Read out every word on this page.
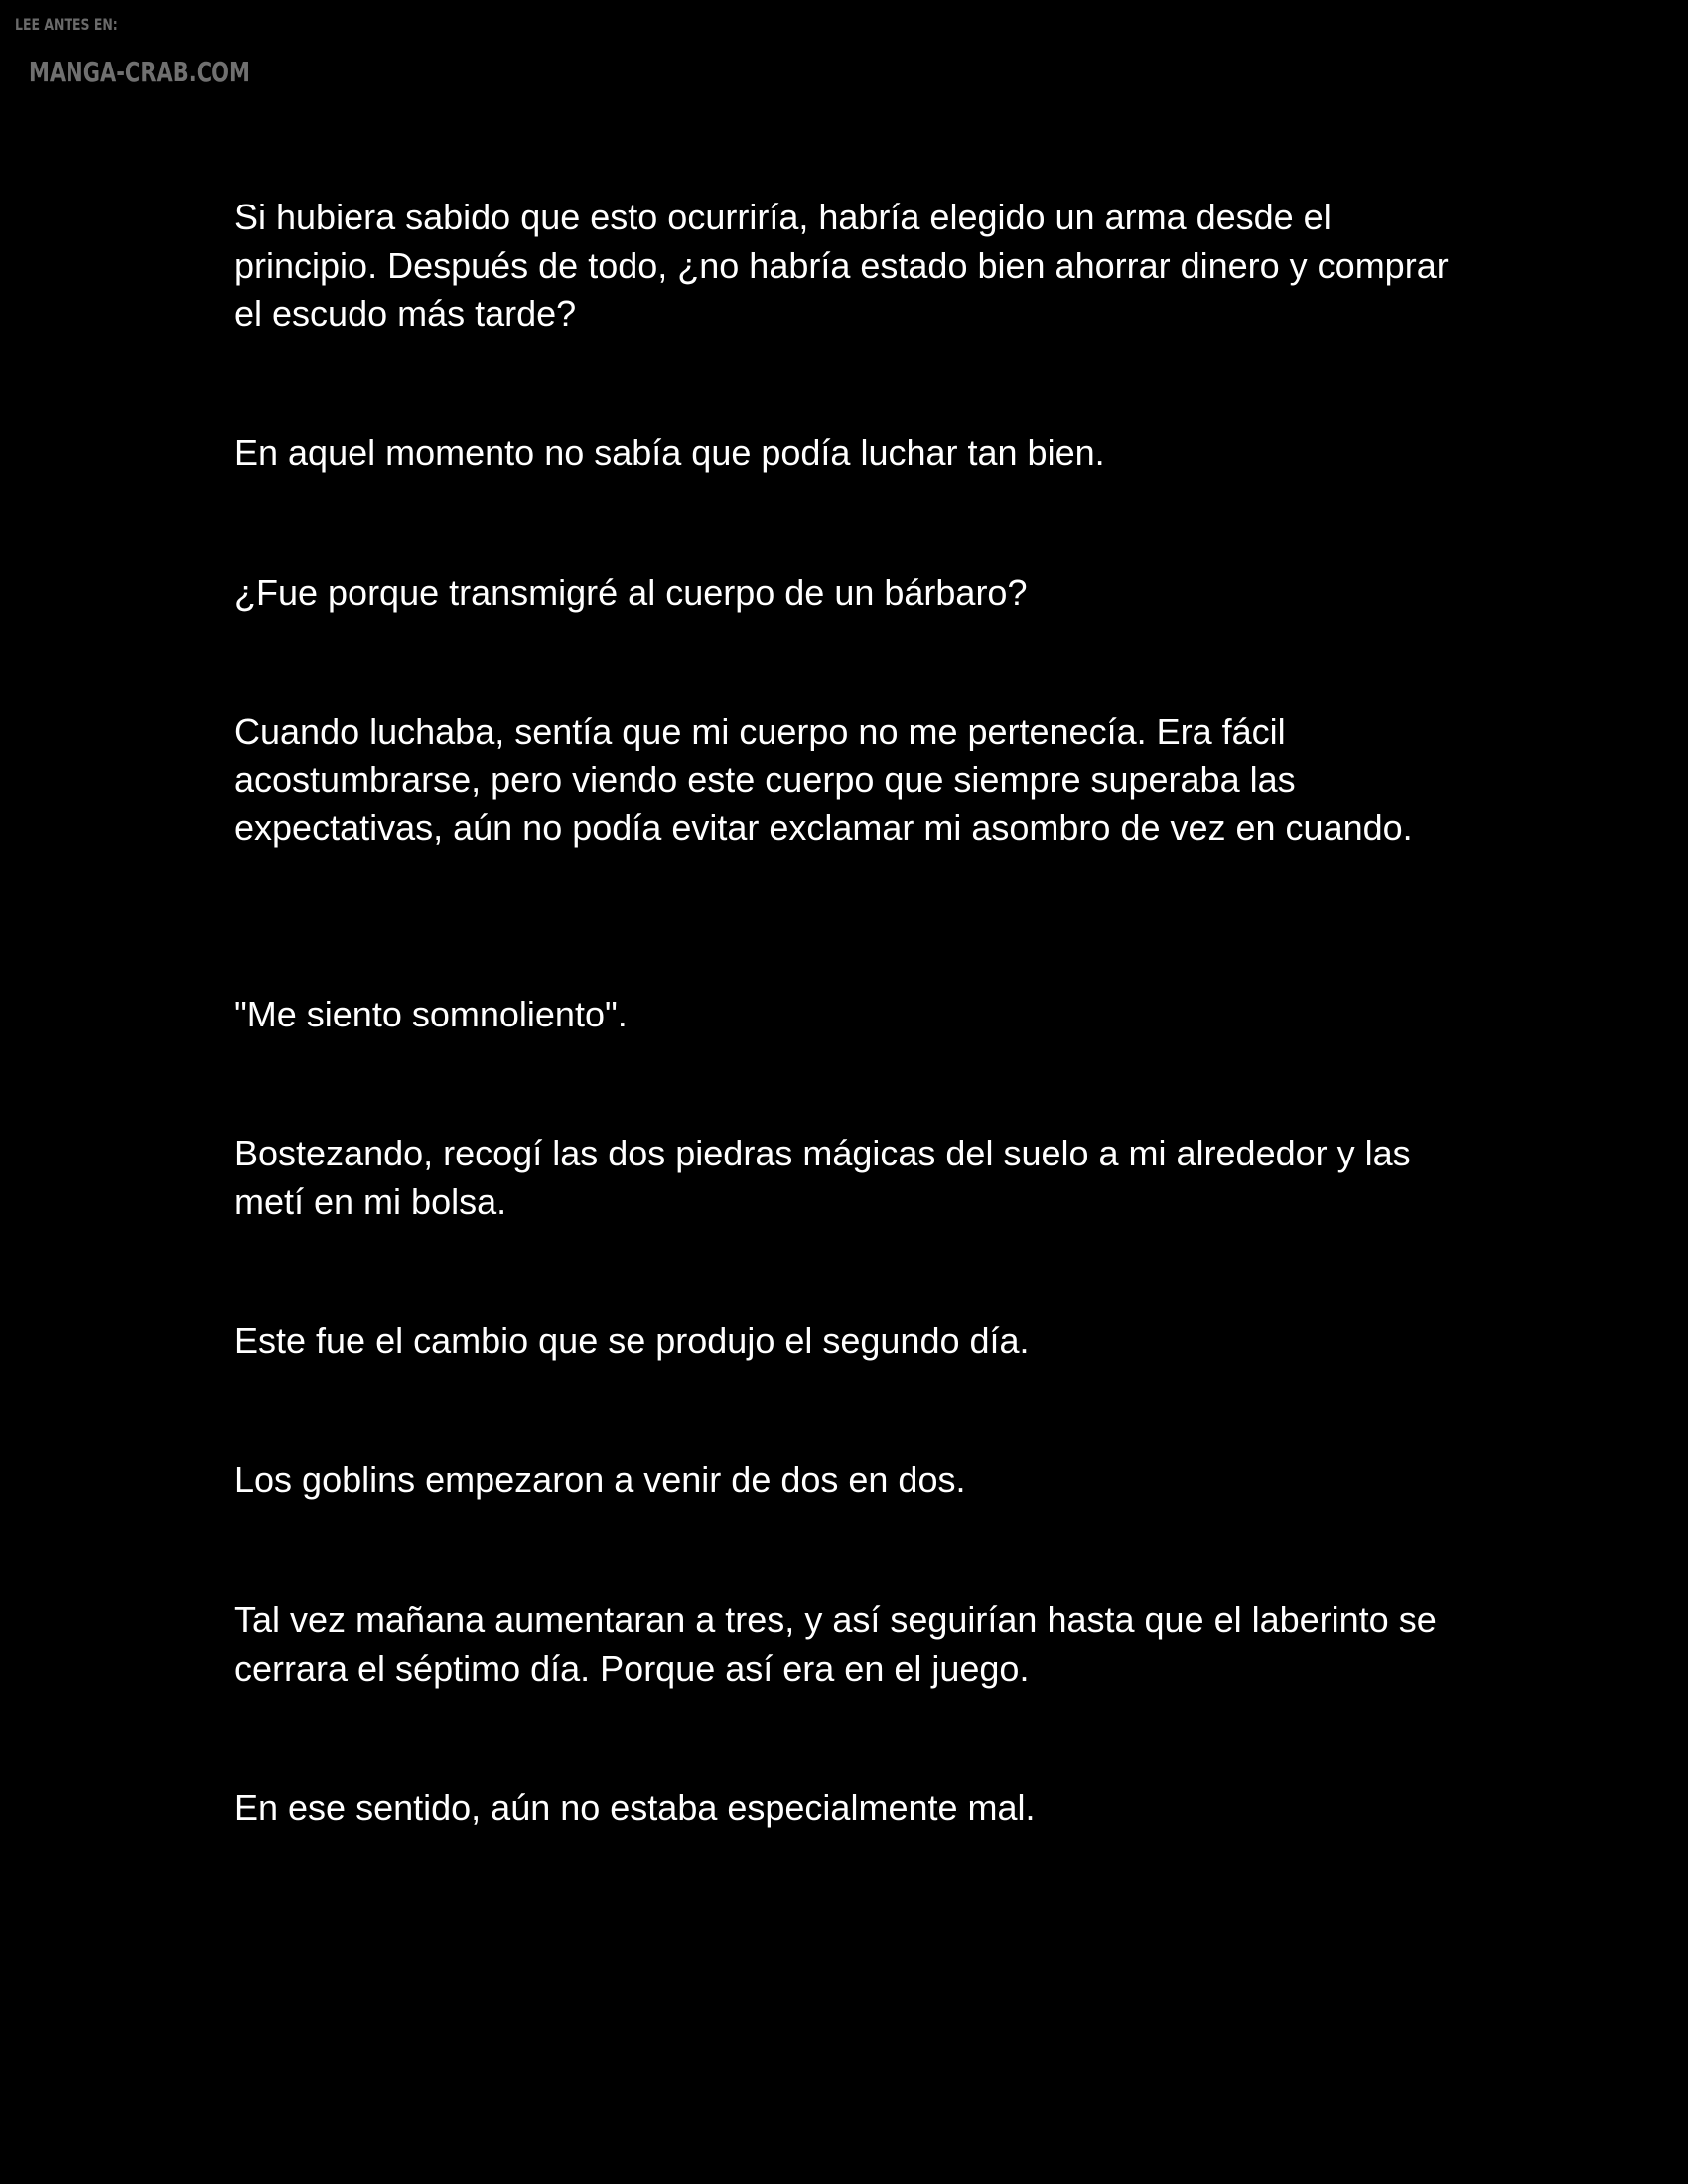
LEE ANTES EN:
MANGA-CRAB.COM

Si hubiera sabido que esto ocurriría, habría elegido un arma desde el principio. Después de todo, ¿no habría estado bien ahorrar dinero y comprar el escudo más tarde?

En aquel momento no sabía que podía luchar tan bien.

¿Fue porque transmigré al cuerpo de un bárbaro?

Cuando luchaba, sentía que mi cuerpo no me pertenecía. Era fácil acostumbrarse, pero viendo este cuerpo que siempre superaba las expectativas, aún no podía evitar exclamar mi asombro de vez en cuando.

"Me siento somnoliento".

Bostezando, recogí las dos piedras mágicas del suelo a mi alrededor y las metí en mi bolsa.

Este fue el cambio que se produjo el segundo día.

Los goblins empezaron a venir de dos en dos.

Tal vez mañana aumentaran a tres, y así seguirían hasta que el laberinto se cerrara el séptimo día. Porque así era en el juego.

En ese sentido, aún no estaba especialmente mal.
